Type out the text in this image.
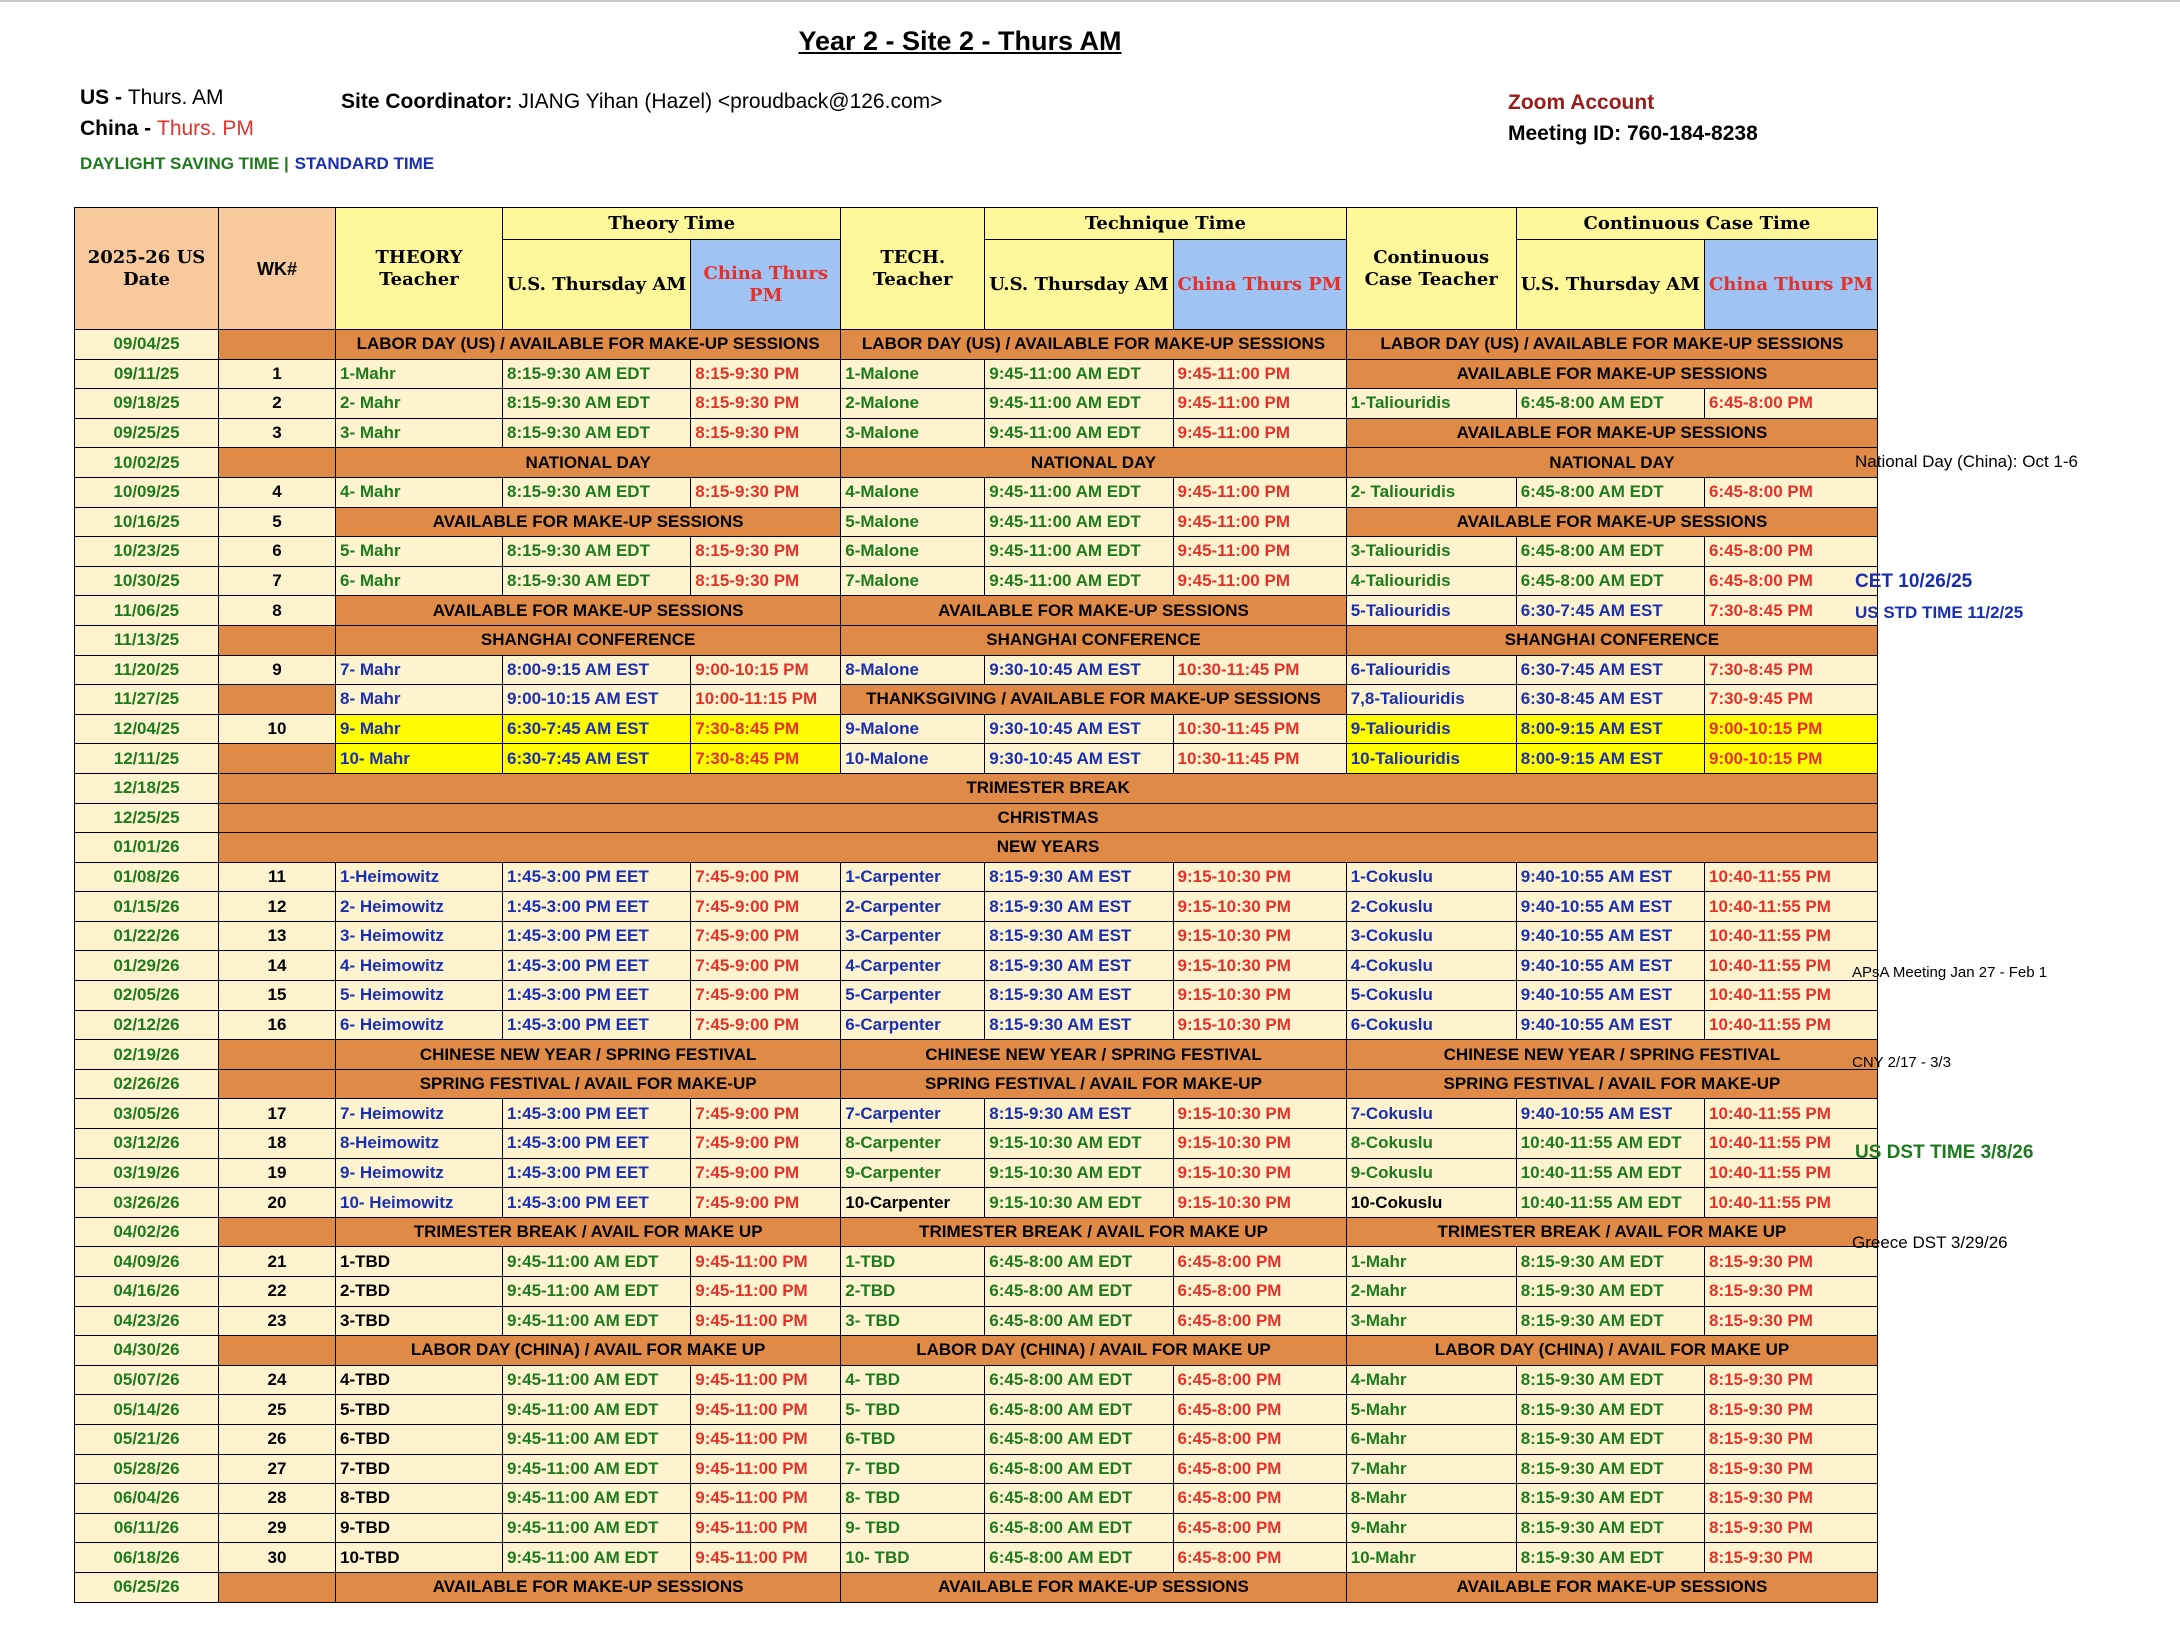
Year 2 - Site 2 - Thurs AM
US - Thurs. AM
China - Thurs. PM
DAYLIGHT SAVING TIME | STANDARD TIME
Site Coordinator: JIANG Yihan (Hazel) <proudback@126.com>	Zoom Account
Meeting ID: 760-184-8238
2025-26 US Date	WK#	THEORY Teacher	Theory Time		TECH. Teacher	Technique Time		Continuous Case Teacher	Continuous Case Time	
			U.S. Thursday AM	China Thurs PM		U.S. Thursday AM	China Thurs PM		U.S. Thursday AM	China Thurs PM
09/04/25		LABOR DAY (US) / AVAILABLE FOR MAKE-UP SESSIONS			LABOR DAY (US) / AVAILABLE FOR MAKE-UP SESSIONS			LABOR DAY (US) / AVAILABLE FOR MAKE-UP SESSIONS		
09/11/25	1	1-Mahr	8:15-9:30 AM EDT	8:15-9:30 PM	1-Malone	9:45-11:00 AM EDT	9:45-11:00 PM	AVAILABLE FOR MAKE-UP SESSIONS		
09/18/25	2	2- Mahr	8:15-9:30 AM EDT	8:15-9:30 PM	2-Malone	9:45-11:00 AM EDT	9:45-11:00 PM	1-Taliouridis	6:45-8:00 AM EDT	6:45-8:00 PM
09/25/25	3	3- Mahr	8:15-9:30 AM EDT	8:15-9:30 PM	3-Malone	9:45-11:00 AM EDT	9:45-11:00 PM	AVAILABLE FOR MAKE-UP SESSIONS		
10/02/25		NATIONAL DAY			NATIONAL DAY			NATIONAL DAY		
10/09/25	4	4- Mahr	8:15-9:30 AM EDT	8:15-9:30 PM	4-Malone	9:45-11:00 AM EDT	9:45-11:00 PM	2- Taliouridis	6:45-8:00 AM EDT	6:45-8:00 PM
10/16/25	5	AVAILABLE FOR MAKE-UP SESSIONS			5-Malone	9:45-11:00 AM EDT	9:45-11:00 PM	AVAILABLE FOR MAKE-UP SESSIONS		
10/23/25	6	5- Mahr	8:15-9:30 AM EDT	8:15-9:30 PM	6-Malone	9:45-11:00 AM EDT	9:45-11:00 PM	3-Taliouridis	6:45-8:00 AM EDT	6:45-8:00 PM
10/30/25	7	6- Mahr	8:15-9:30 AM EDT	8:15-9:30 PM	7-Malone	9:45-11:00 AM EDT	9:45-11:00 PM	4-Taliouridis	6:45-8:00 AM EDT	6:45-8:00 PM
11/06/25	8	AVAILABLE FOR MAKE-UP SESSIONS			AVAILABLE FOR MAKE-UP SESSIONS			5-Taliouridis	6:30-7:45 AM EST	7:30-8:45 PM
11/13/25		SHANGHAI CONFERENCE			SHANGHAI CONFERENCE			SHANGHAI CONFERENCE		
11/20/25	9	7- Mahr	8:00-9:15 AM EST	9:00-10:15 PM	8-Malone	9:30-10:45 AM EST	10:30-11:45 PM	6-Taliouridis	6:30-7:45 AM EST	7:30-8:45 PM
11/27/25		8- Mahr	9:00-10:15 AM EST	10:00-11:15 PM	THANKSGIVING / AVAILABLE FOR MAKE-UP SESSIONS			7,8-Taliouridis	6:30-8:45 AM EST	7:30-9:45 PM
12/04/25	10	9- Mahr	6:30-7:45 AM EST	7:30-8:45 PM	9-Malone	9:30-10:45 AM EST	10:30-11:45 PM	9-Taliouridis	8:00-9:15 AM EST	9:00-10:15 PM
12/11/25		10- Mahr	6:30-7:45 AM EST	7:30-8:45 PM	10-Malone	9:30-10:45 AM EST	10:30-11:45 PM	10-Taliouridis	8:00-9:15 AM EST	9:00-10:15 PM
12/18/25	TRIMESTER BREAK									
12/25/25	CHRISTMAS									
01/01/26	NEW YEARS									
01/08/26	11	1-Heimowitz	1:45-3:00 PM EET	7:45-9:00 PM	1-Carpenter	8:15-9:30 AM EST	9:15-10:30 PM	1-Cokuslu	9:40-10:55 AM EST	10:40-11:55 PM
01/15/26	12	2- Heimowitz	1:45-3:00 PM EET	7:45-9:00 PM	2-Carpenter	8:15-9:30 AM EST	9:15-10:30 PM	2-Cokuslu	9:40-10:55 AM EST	10:40-11:55 PM
01/22/26	13	3- Heimowitz	1:45-3:00 PM EET	7:45-9:00 PM	3-Carpenter	8:15-9:30 AM EST	9:15-10:30 PM	3-Cokuslu	9:40-10:55 AM EST	10:40-11:55 PM
01/29/26	14	4- Heimowitz	1:45-3:00 PM EET	7:45-9:00 PM	4-Carpenter	8:15-9:30 AM EST	9:15-10:30 PM	4-Cokuslu	9:40-10:55 AM EST	10:40-11:55 PM
02/05/26	15	5- Heimowitz	1:45-3:00 PM EET	7:45-9:00 PM	5-Carpenter	8:15-9:30 AM EST	9:15-10:30 PM	5-Cokuslu	9:40-10:55 AM EST	10:40-11:55 PM
02/12/26	16	6- Heimowitz	1:45-3:00 PM EET	7:45-9:00 PM	6-Carpenter	8:15-9:30 AM EST	9:15-10:30 PM	6-Cokuslu	9:40-10:55 AM EST	10:40-11:55 PM
02/19/26		CHINESE NEW YEAR / SPRING FESTIVAL			CHINESE NEW YEAR / SPRING FESTIVAL			CHINESE NEW YEAR / SPRING FESTIVAL		
02/26/26		SPRING FESTIVAL / AVAIL FOR MAKE-UP			SPRING FESTIVAL / AVAIL FOR MAKE-UP			SPRING FESTIVAL / AVAIL FOR MAKE-UP		
03/05/26	17	7- Heimowitz	1:45-3:00 PM EET	7:45-9:00 PM	7-Carpenter	8:15-9:30 AM EST	9:15-10:30 PM	7-Cokuslu	9:40-10:55 AM EST	10:40-11:55 PM
03/12/26	18	8-Heimowitz	1:45-3:00 PM EET	7:45-9:00 PM	8-Carpenter	9:15-10:30 AM EDT	9:15-10:30 PM	8-Cokuslu	10:40-11:55 AM EDT	10:40-11:55 PM
03/19/26	19	9- Heimowitz	1:45-3:00 PM EET	7:45-9:00 PM	9-Carpenter	9:15-10:30 AM EDT	9:15-10:30 PM	9-Cokuslu	10:40-11:55 AM EDT	10:40-11:55 PM
03/26/26	20	10- Heimowitz	1:45-3:00 PM EET	7:45-9:00 PM	10-Carpenter	9:15-10:30 AM EDT	9:15-10:30 PM	10-Cokuslu	10:40-11:55 AM EDT	10:40-11:55 PM
04/02/26		TRIMESTER BREAK / AVAIL FOR MAKE UP			TRIMESTER BREAK / AVAIL FOR MAKE UP			TRIMESTER BREAK / AVAIL FOR MAKE UP		
04/09/26	21	1-TBD	9:45-11:00 AM EDT	9:45-11:00 PM	1-TBD	6:45-8:00 AM EDT	6:45-8:00 PM	1-Mahr	8:15-9:30 AM EDT	8:15-9:30 PM
04/16/26	22	2-TBD	9:45-11:00 AM EDT	9:45-11:00 PM	2-TBD	6:45-8:00 AM EDT	6:45-8:00 PM	2-Mahr	8:15-9:30 AM EDT	8:15-9:30 PM
04/23/26	23	3-TBD	9:45-11:00 AM EDT	9:45-11:00 PM	3- TBD	6:45-8:00 AM EDT	6:45-8:00 PM	3-Mahr	8:15-9:30 AM EDT	8:15-9:30 PM
04/30/26		LABOR DAY (CHINA) / AVAIL FOR MAKE UP			LABOR DAY (CHINA) / AVAIL FOR MAKE UP			LABOR DAY (CHINA) / AVAIL FOR MAKE UP		
05/07/26	24	4-TBD	9:45-11:00 AM EDT	9:45-11:00 PM	4- TBD	6:45-8:00 AM EDT	6:45-8:00 PM	4-Mahr	8:15-9:30 AM EDT	8:15-9:30 PM
05/14/26	25	5-TBD	9:45-11:00 AM EDT	9:45-11:00 PM	5- TBD	6:45-8:00 AM EDT	6:45-8:00 PM	5-Mahr	8:15-9:30 AM EDT	8:15-9:30 PM
05/21/26	26	6-TBD	9:45-11:00 AM EDT	9:45-11:00 PM	6-TBD	6:45-8:00 AM EDT	6:45-8:00 PM	6-Mahr	8:15-9:30 AM EDT	8:15-9:30 PM
05/28/26	27	7-TBD	9:45-11:00 AM EDT	9:45-11:00 PM	7- TBD	6:45-8:00 AM EDT	6:45-8:00 PM	7-Mahr	8:15-9:30 AM EDT	8:15-9:30 PM
06/04/26	28	8-TBD	9:45-11:00 AM EDT	9:45-11:00 PM	8- TBD	6:45-8:00 AM EDT	6:45-8:00 PM	8-Mahr	8:15-9:30 AM EDT	8:15-9:30 PM
06/11/26	29	9-TBD	9:45-11:00 AM EDT	9:45-11:00 PM	9- TBD	6:45-8:00 AM EDT	6:45-8:00 PM	9-Mahr	8:15-9:30 AM EDT	8:15-9:30 PM
06/18/26	30	10-TBD	9:45-11:00 AM EDT	9:45-11:00 PM	10- TBD	6:45-8:00 AM EDT	6:45-8:00 PM	10-Mahr	8:15-9:30 AM EDT	8:15-9:30 PM
06/25/26		AVAILABLE FOR MAKE-UP SESSIONS			AVAILABLE FOR MAKE-UP SESSIONS			AVAILABLE FOR MAKE-UP SESSIONS		
National Day (China): Oct 1-6
CET 10/26/25
US STD TIME 11/2/25
APsA Meeting Jan 27 - Feb 1
CNY 2/17 - 3/3
US DST TIME 3/8/26
Greece DST 3/29/26
